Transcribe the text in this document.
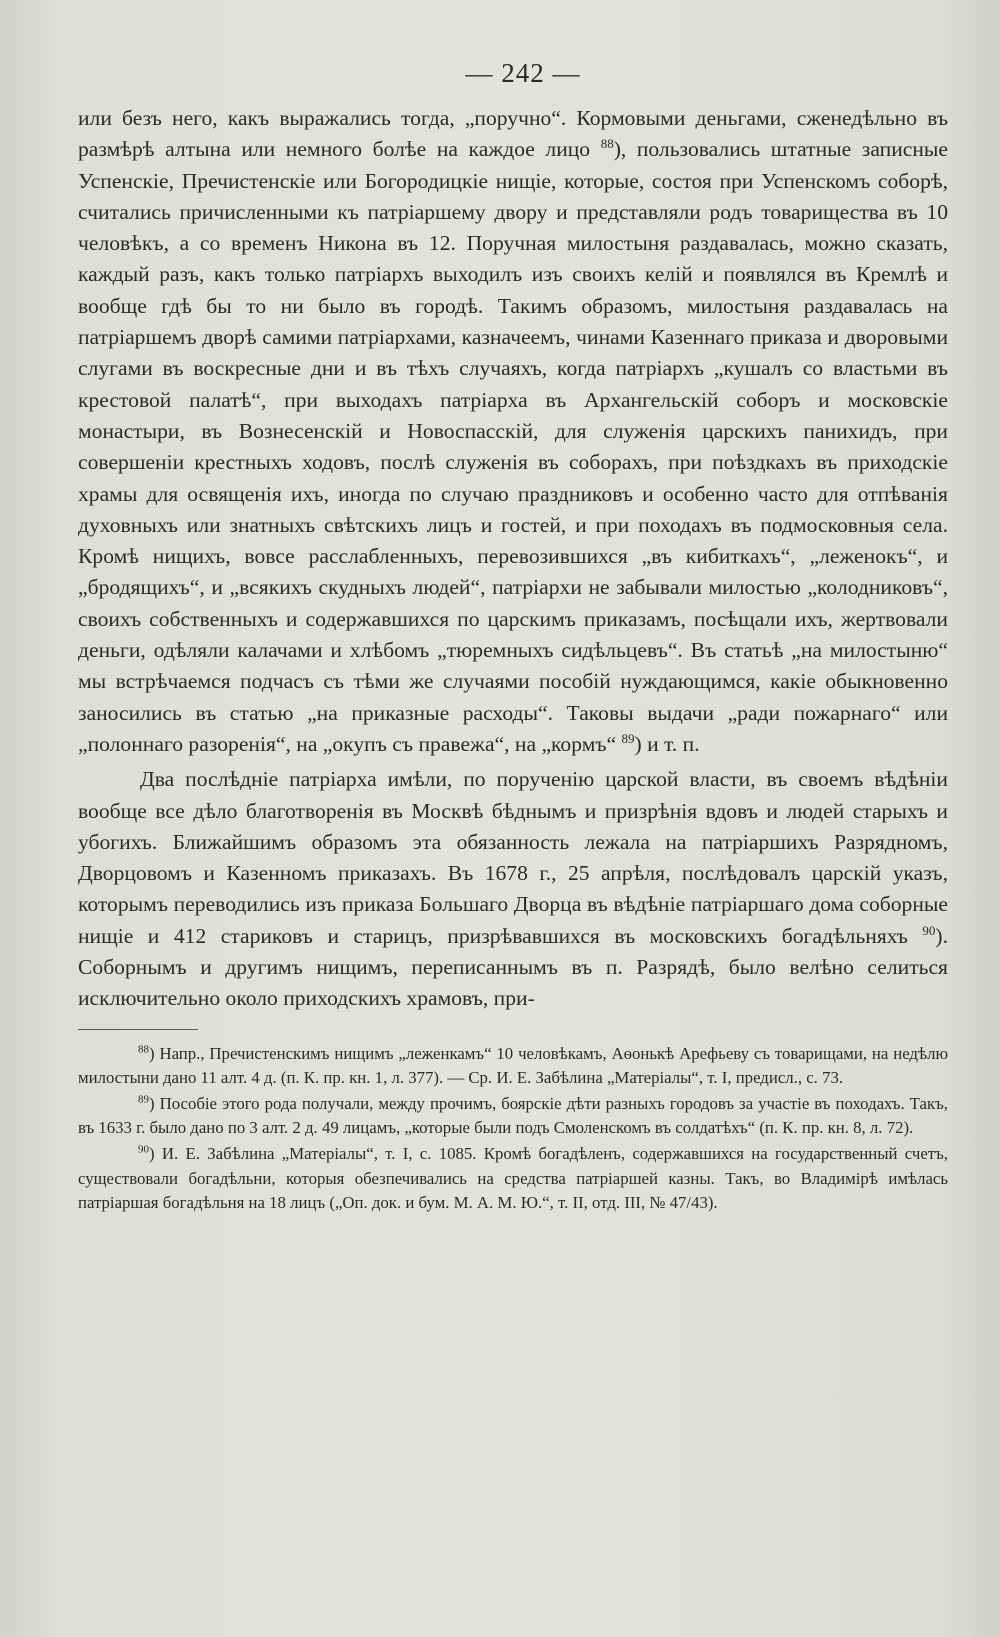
— 242 —

или безъ него, какъ выражались тогда, „поручно“. Кормовыми деньгами, сженедѣльно въ размѣрѣ алтына или немного болѣе на каждое лицо $^{88}$), пользовались штатные записные Успенскіе, Пречистенскіе или Богородицкіе нищіе, которые, состоя при Успенскомъ соборѣ, считались причисленными къ патріаршему двору и представляли родъ товарищества въ 10 человѣкъ, а со временъ Никона въ 12. Поручная милостыня раздавалась, можно сказать, каждый разъ, какъ только патріархъ выходилъ изъ своихъ келій и появлялся въ Кремлѣ и вообще гдѣ бы то ни было въ городѣ. Такимъ образомъ, милостыня раздавалась на патріаршемъ дворѣ самими патріархами, казначеемъ, чинами Казеннаго приказа и дворовыми слугами въ воскресные дни и въ тѣхъ случаяхъ, когда патріархъ „кушалъ со властьми въ крестовой палатѣ“, при выходахъ патріарха въ Архангельскій соборъ и московскіе монастыри, въ Вознесенскій и Новоспасскій, для служенія царскихъ панихидъ, при совершеніи крестныхъ ходовъ, послѣ служенія въ соборахъ, при поѣздкахъ въ приходскіе храмы для освященія ихъ, иногда по случаю праздниковъ и особенно часто для отпѣванія духовныхъ или знатныхъ свѣтскихъ лицъ и гостей, и при походахъ въ подмосковныя села. Кромѣ нищихъ, вовсе расслабленныхъ, перевозившихся „въ кибиткахъ“, „леженокъ“, и „бродящихъ“, и „всякихъ скудныхъ людей“, патріархи не забывали милостью „колодниковъ“, своихъ собственныхъ и содержавшихся по царскимъ приказамъ, посѣщали ихъ, жертвовали деньги, одѣляли калачами и хлѣбомъ „тюремныхъ сидѣльцевъ“. Въ статьѣ „на милостыню“ мы встрѣчаемся подчасъ съ тѣми же случаями пособій нуждающимся, какіе обыкновенно заносились въ статью „на приказные расходы“. Таковы выдачи „ради пожарнаго“ или „полоннаго разоренія“, на „окупъ съ правежа“, на „кормъ“ $^{89}$) и т. п.

Два послѣдніе патріарха имѣли, по порученію царской власти, въ своемъ вѣдѣніи вообще все дѣло благотворенія въ Москвѣ бѣднымъ и призрѣнія вдовъ и людей старыхъ и убогихъ. Ближайшимъ образомъ эта обязанность лежала на патріаршихъ Разрядномъ, Дворцовомъ и Казенномъ приказахъ. Въ 1678 г., 25 апрѣля, послѣдовалъ царскій указъ, которымъ переводились изъ приказа Большаго Дворца въ вѣдѣніе патріаршаго дома соборные нищіе и 412 стариковъ и старицъ, призрѣвавшихся въ московскихъ богадѣльняхъ $^{90}$). Соборнымъ и другимъ нищимъ, переписаннымъ въ п. Разрядѣ, было велѣно селиться исключительно около приходскихъ храмовъ, при-

$^{88}$) Напр., Пречистенскимъ нищимъ „леженкамъ“ 10 человѣкамъ, Аѳонькѣ Арефьеву съ товарищами, на недѣлю милостыни дано 11 алт. 4 д. (п. К. пр. кн. 1, л. 377). — Ср. И. Е. Забѣлина „Матеріалы“, т. I, предисл., с. 73.

$^{89}$) Пособіе этого рода получали, между прочимъ, боярскіе дѣти разныхъ городовъ за участіе въ походахъ. Такъ, въ 1633 г. было дано по 3 алт. 2 д. 49 лицамъ, „которые были подъ Смоленскомъ въ солдатѣхъ“ (п. К. пр. кн. 8, л. 72).

$^{90}$) И. Е. Забѣлина „Матеріалы“, т. I, с. 1085. Кромѣ богадѣленъ, содержавшихся на государственный счетъ, существовали богадѣльни, которыя обезпечивались на средства патріаршей казны. Такъ, во Владимірѣ имѣлась патріаршая богадѣльня на 18 лицъ („Оп. док. и бум. М. А. М. Ю.“, т. II, отд. III, № 47/43).
